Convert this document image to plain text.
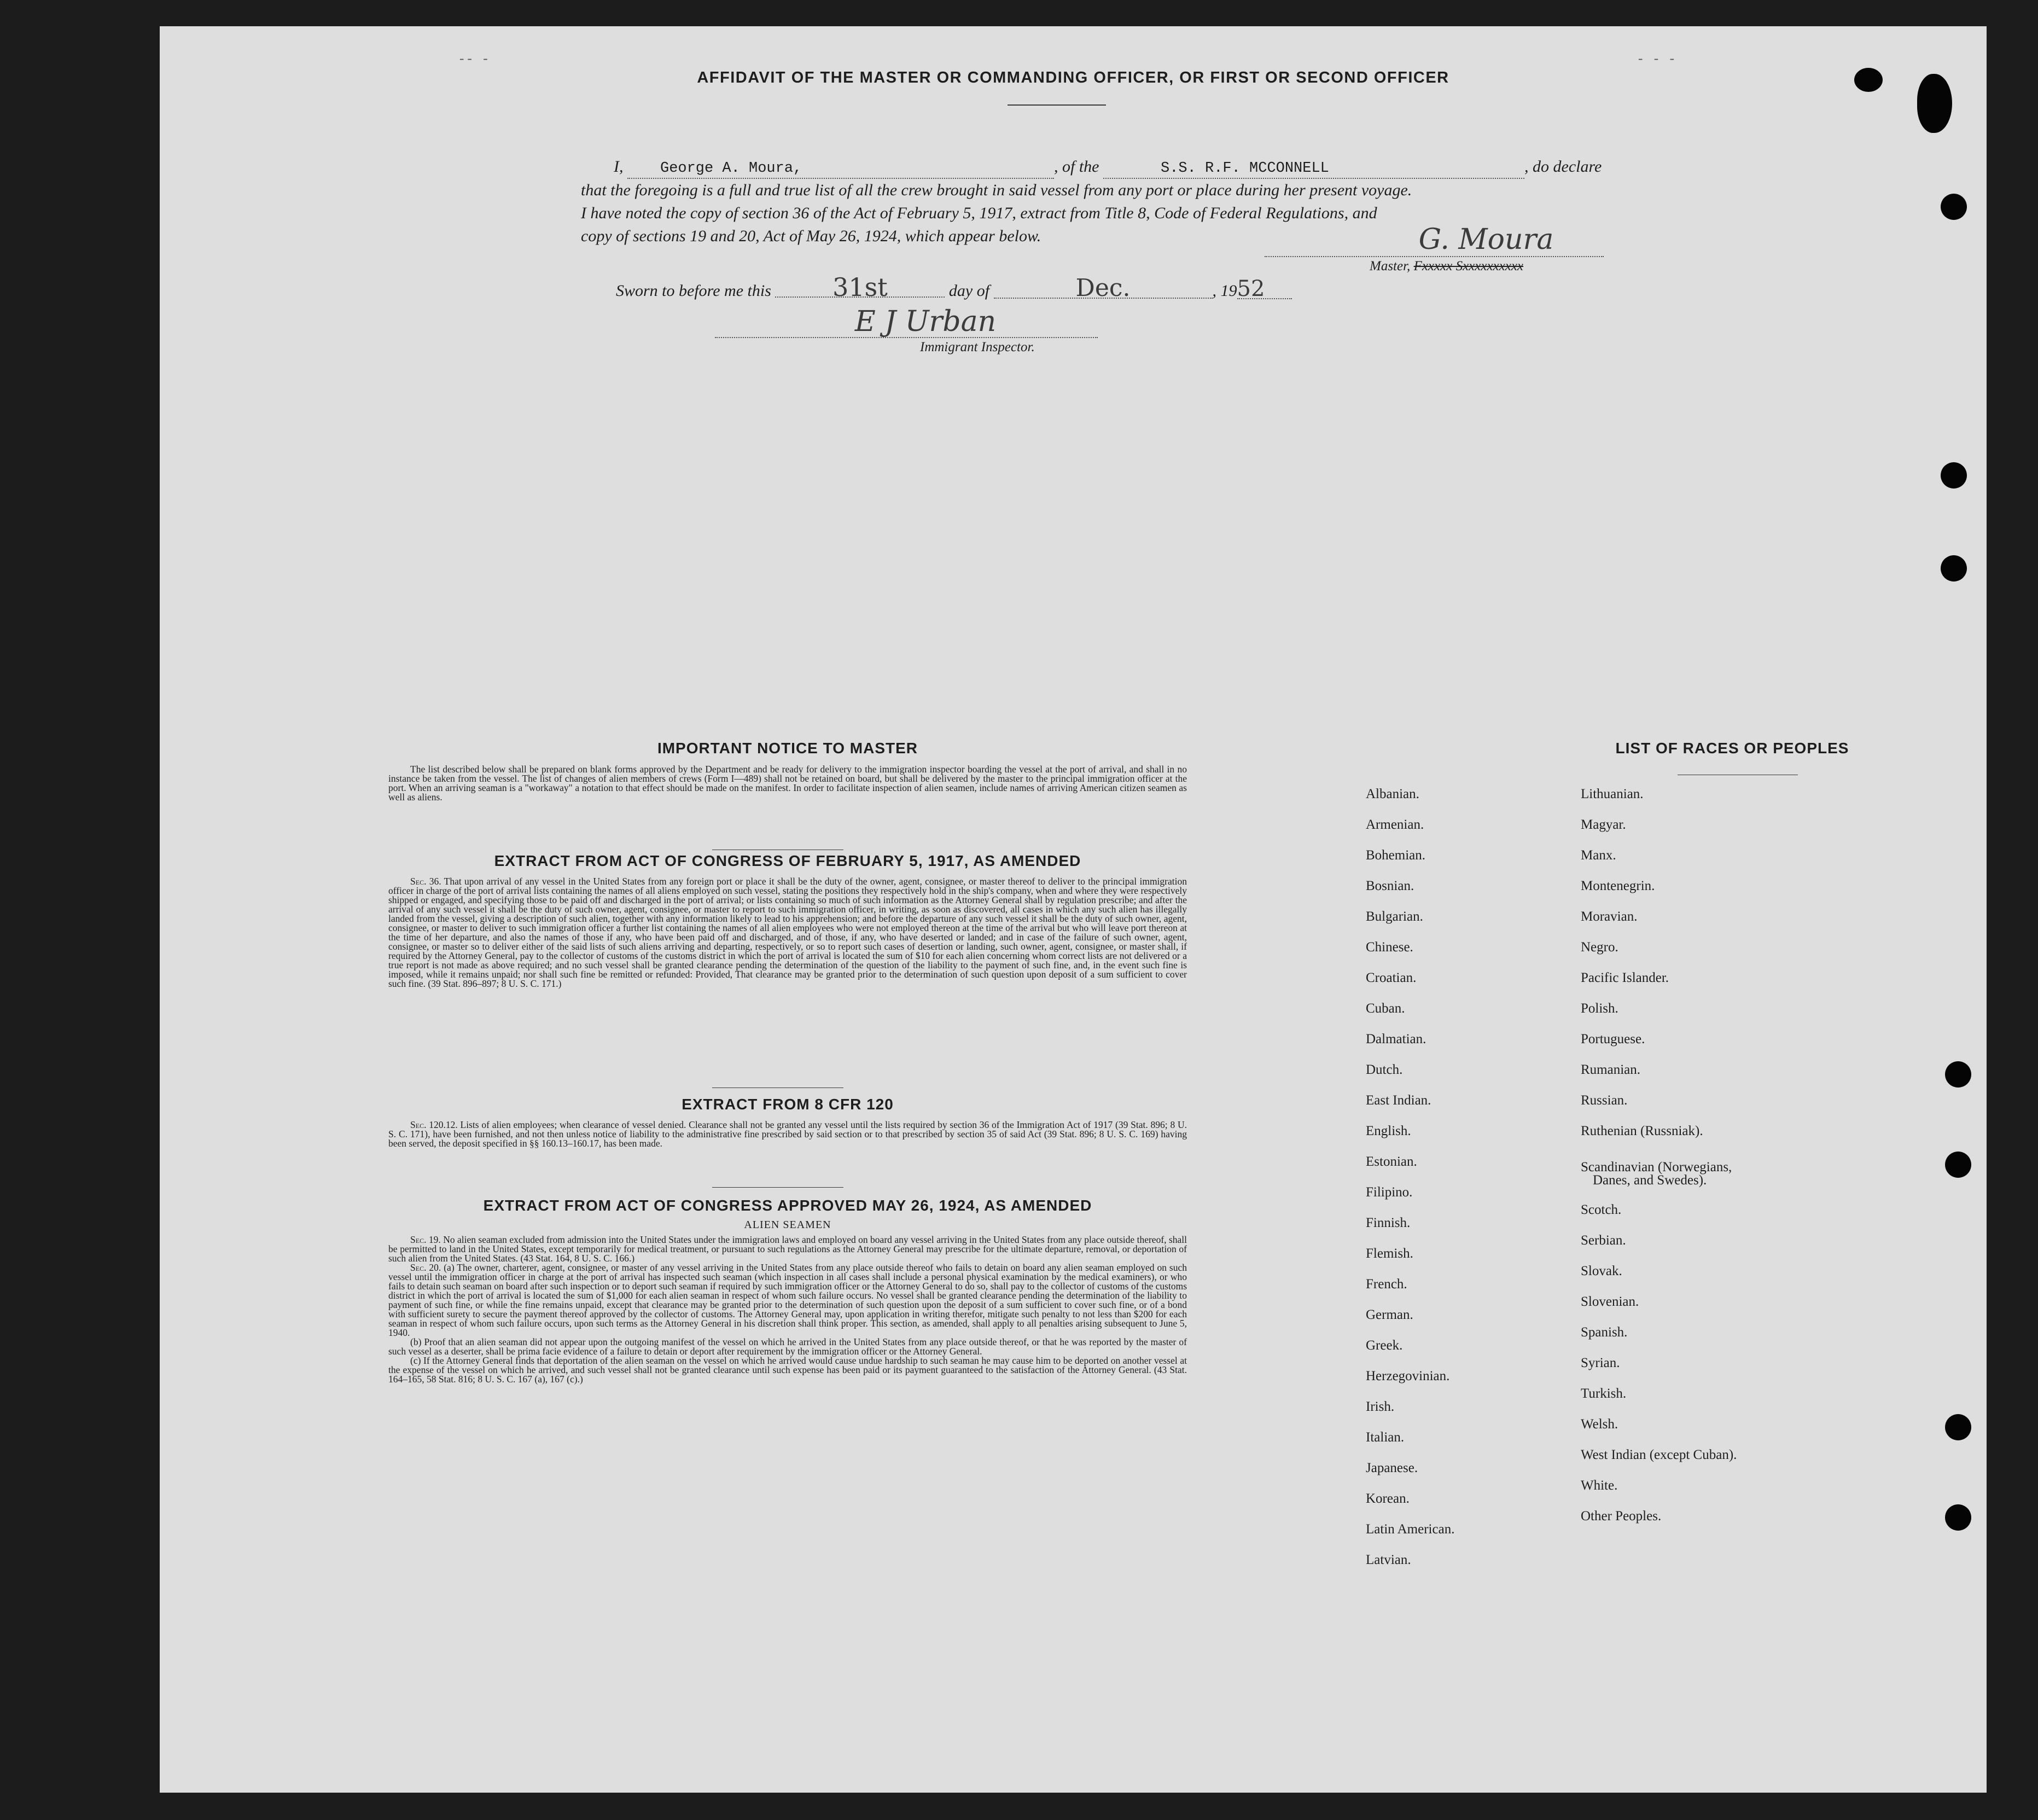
-- -	- - -
AFFIDAVIT OF THE MASTER OR COMMANDING OFFICER, OR FIRST OR SECOND OFFICER
I,	George A. Moura,	, of the	S.S. R.F. MCCONNELL	, do declare
that the foregoing is a full and true list of all the crew brought in said vessel from any port or place during her present voyage.
I have noted the copy of section 36 of the Act of February 5, 1917, extract from Title 8, Code of Federal Regulations, and
copy of sections 19 and 20, Act of May 26, 1924, which appear below.	G. Moura
Master, Fxxxxx Sxxxxxxxxxx
Sworn to before me this 31st	day of	Dec.	, 1952
E J Urban
Immigrant Inspector.
IMPORTANT NOTICE TO MASTER

The list described below shall be prepared on blank forms approved by the Department and be ready for delivery to the immigration inspector boarding the vessel at the port of arrival, and shall in no instance be taken from the vessel. The list of changes of alien members of crews (Form I—489) shall not be retained on board, but shall be delivered by the master to the principal immigration officer at the port. When an arriving seaman is a "workaway" a notation to that effect should be made on the manifest. In order to facilitate inspection of alien seamen, include names of arriving American citizen seamen as well as aliens.

EXTRACT FROM ACT OF CONGRESS OF FEBRUARY 5, 1917, AS AMENDED

Sec. 36. That upon arrival of any vessel in the United States from any foreign port or place it shall be the duty of the owner, agent, consignee, or master thereof to deliver to the principal immigration officer in charge of the port of arrival lists containing the names of all aliens employed on such vessel, stating the positions they respectively hold in the ship's company, when and where they were respectively shipped or engaged, and specifying those to be paid off and discharged in the port of arrival; or lists containing so much of such information as the Attorney General shall by regulation prescribe; and after the arrival of any such vessel it shall be the duty of such owner, agent, consignee, or master to report to such immigration officer, in writing, as soon as discovered, all cases in which any such alien has illegally landed from the vessel, giving a description of such alien, together with any information likely to lead to his apprehension; and before the departure of any such vessel it shall be the duty of such owner, agent, consignee, or master to deliver to such immigration officer a further list containing the names of all alien employees who were not employed thereon at the time of the arrival but who will leave port thereon at the time of her departure, and also the names of those if any, who have been paid off and discharged, and of those, if any, who have deserted or landed; and in case of the failure of such owner, agent, consignee, or master so to deliver either of the said lists of such aliens arriving and departing, respectively, or so to report such cases of desertion or landing, such owner, agent, consignee, or master shall, if required by the Attorney General, pay to the collector of customs of the customs district in which the port of arrival is located the sum of $10 for each alien concerning whom correct lists are not delivered or a true report is not made as above required; and no such vessel shall be granted clearance pending the determination of the question of the liability to the payment of such fine, and, in the event such fine is imposed, while it remains unpaid; nor shall such fine be remitted or refunded: Provided, That clearance may be granted prior to the determination of such question upon deposit of a sum sufficient to cover such fine. (39 Stat. 896–897; 8 U. S. C. 171.)

EXTRACT FROM 8 CFR 120

Sec. 120.12. Lists of alien employees; when clearance of vessel denied. Clearance shall not be granted any vessel until the lists required by section 36 of the Immigration Act of 1917 (39 Stat. 896; 8 U. S. C. 171), have been furnished, and not then unless notice of liability to the administrative fine prescribed by said section or to that prescribed by section 35 of said Act (39 Stat. 896; 8 U. S. C. 169) having been served, the deposit specified in §§ 160.13–160.17, has been made.

EXTRACT FROM ACT OF CONGRESS APPROVED MAY 26, 1924, AS AMENDED
ALIEN SEAMEN

Sec. 19. No alien seaman excluded from admission into the United States under the immigration laws and employed on board any vessel arriving in the United States from any place outside thereof, shall be permitted to land in the United States, except temporarily for medical treatment, or pursuant to such regulations as the Attorney General may prescribe for the ultimate departure, removal, or deportation of such alien from the United States. (43 Stat. 164, 8 U. S. C. 166.)

Sec. 20. (a) The owner, charterer, agent, consignee, or master of any vessel arriving in the United States from any place outside thereof who fails to detain on board any alien seaman employed on such vessel until the immigration officer in charge at the port of arrival has inspected such seaman (which inspection in all cases shall include a personal physical examination by the medical examiners), or who fails to detain such seaman on board after such inspection or to deport such seaman if required by such immigration officer or the Attorney General to do so, shall pay to the collector of customs of the customs district in which the port of arrival is located the sum of $1,000 for each alien seaman in respect of whom such failure occurs. No vessel shall be granted clearance pending the determination of the liability to payment of such fine, or while the fine remains unpaid, except that clearance may be granted prior to the determination of such question upon the deposit of a sum sufficient to cover such fine, or of a bond with sufficient surety to secure the payment thereof approved by the collector of customs. The Attorney General may, upon application in writing therefor, mitigate such penalty to not less than $200 for each seaman in respect of whom such failure occurs, upon such terms as the Attorney General in his discretion shall think proper. This section, as amended, shall apply to all penalties arising subsequent to June 5, 1940.

(b) Proof that an alien seaman did not appear upon the outgoing manifest of the vessel on which he arrived in the United States from any place outside thereof, or that he was reported by the master of such vessel as a deserter, shall be prima facie evidence of a failure to detain or deport after requirement by the immigration officer or the Attorney General.

(c) If the Attorney General finds that deportation of the alien seaman on the vessel on which he arrived would cause undue hardship to such seaman he may cause him to be deported on another vessel at the expense of the vessel on which he arrived, and such vessel shall not be granted clearance until such expense has been paid or its payment guaranteed to the satisfaction of the Attorney General. (43 Stat. 164–165, 58 Stat. 816; 8 U. S. C. 167 (a), 167 (c).)

LIST OF RACES OR PEOPLES
Albanian.
Armenian.
Bohemian.
Bosnian.
Bulgarian.
Chinese.
Croatian.
Cuban.
Dalmatian.
Dutch.
East Indian.
English.
Estonian.
Filipino.
Finnish.
Flemish.
French.
German.
Greek.
Herzegovinian.
Irish.
Italian.
Japanese.
Korean.
Latin American.
Latvian.
Lithuanian.
Magyar.
Manx.
Montenegrin.
Moravian.
Negro.
Pacific Islander.
Polish.
Portuguese.
Rumanian.
Russian.
Ruthenian (Russniak).
Scandinavian (Norwegians,
Danes, and Swedes).
Scotch.
Serbian.
Slovak.
Slovenian.
Spanish.
Syrian.
Turkish.
Welsh.
West Indian (except Cuban).
White.
Other Peoples.
